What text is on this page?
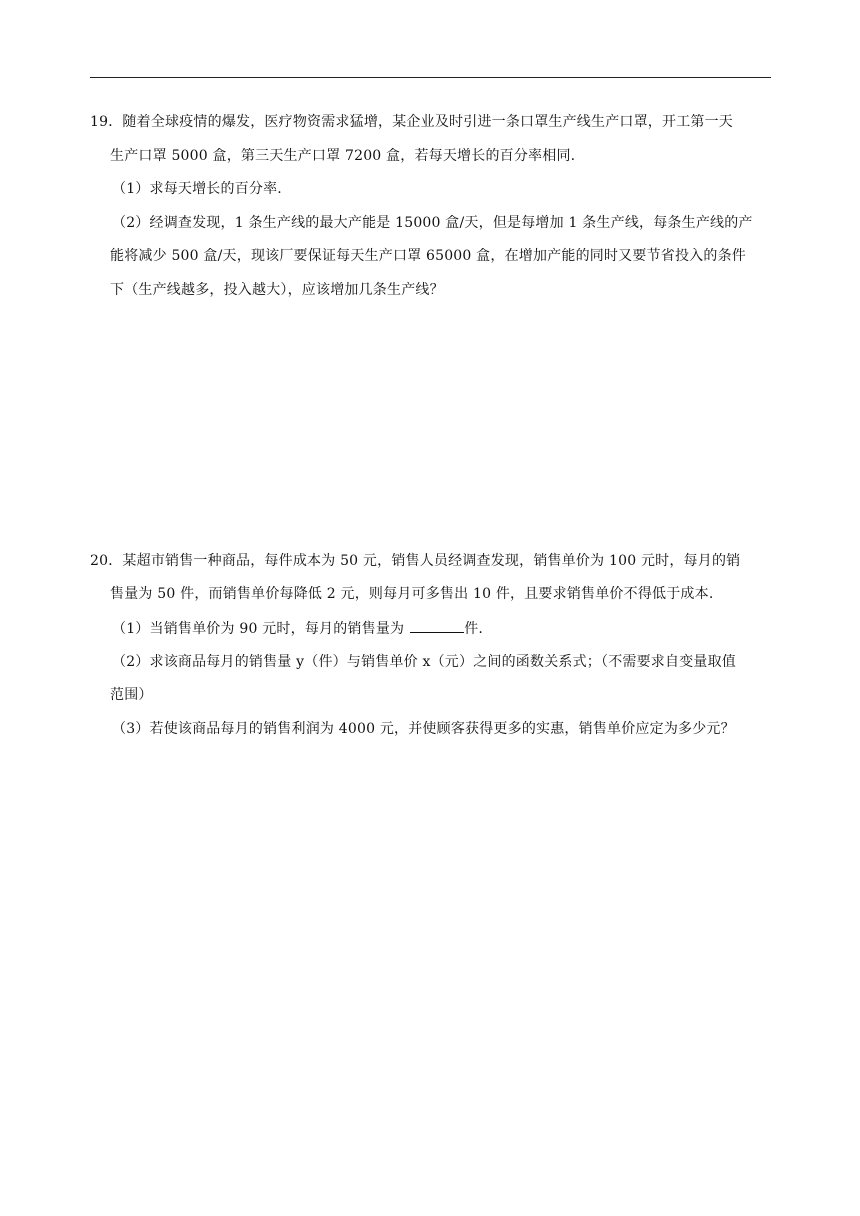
19．随着全球疫情的爆发，医疗物资需求猛增，某企业及时引进一条口罩生产线生产口罩，开工第一天
生产口罩 5000 盒，第三天生产口罩 7200 盒，若每天增长的百分率相同.
（1）求每天增长的百分率.
（2）经调查发现，1 条生产线的最大产能是 15000 盒/天，但是每增加 1 条生产线，每条生产线的产
能将减少 500 盒/天，现该厂要保证每天生产口罩 65000 盒，在增加产能的同时又要节省投入的条件
下（生产线越多，投入越大），应该增加几条生产线？
20．某超市销售一种商品，每件成本为 50 元，销售人员经调查发现，销售单价为 100 元时，每月的销
售量为 50 件，而销售单价每降低 2 元，则每月可多售出 10 件，且要求销售单价不得低于成本.
（1）当销售单价为 90 元时，每月的销售量为	件.
（2）求该商品每月的销售量 y（件）与销售单价 x（元）之间的函数关系式；（不需要求自变量取值
范围）
（3）若使该商品每月的销售利润为 4000 元，并使顾客获得更多的实惠，销售单价应定为多少元？
